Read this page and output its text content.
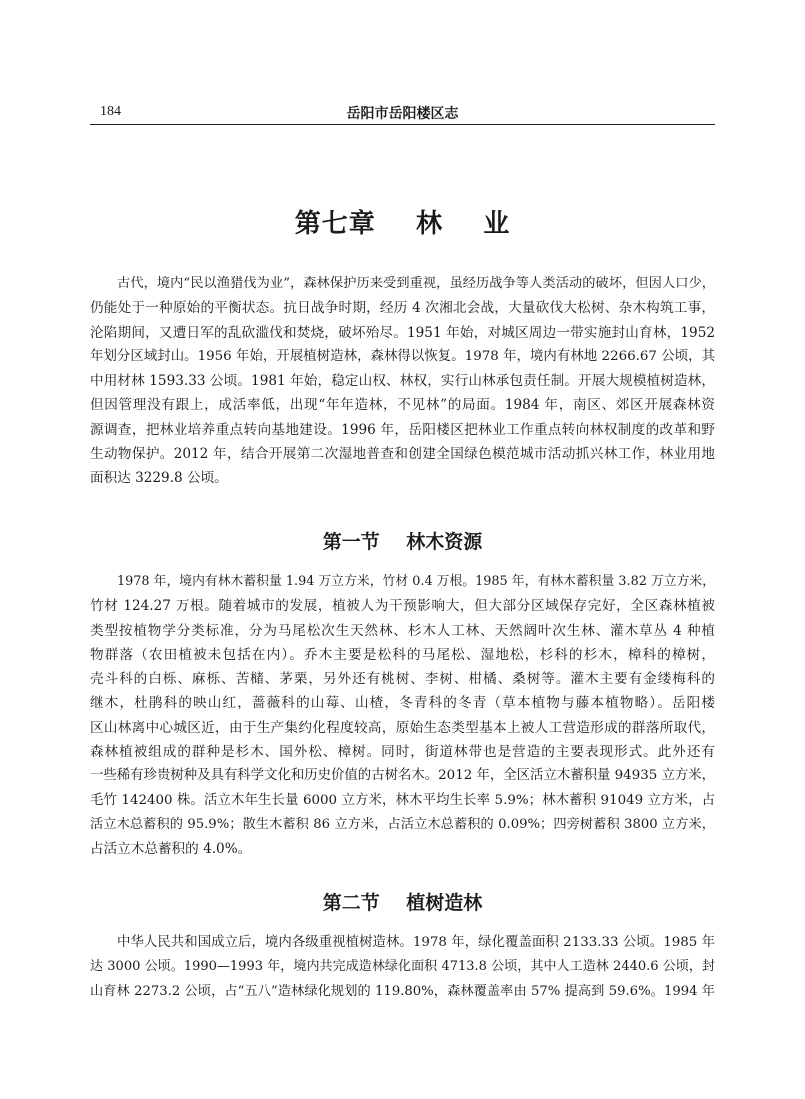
184	岳阳市岳阳楼区志
第七章    林    业
古代，境内“民以渔猎伐为业”，森林保护历来受到重视，虽经历战争等人类活动的破坏，但因人口少，
仍能处于一种原始的平衡状态。抗日战争时期，经历 4 次湘北会战，大量砍伐大松树、杂木构筑工事，
沦陷期间，又遭日军的乱砍滥伐和焚烧，破坏殆尽。1951 年始，对城区周边一带实施封山育林，1952
年划分区域封山。1956 年始，开展植树造林，森林得以恢复。1978 年，境内有林地 2266.67 公顷，其
中用材林 1593.33 公顷。1981 年始，稳定山权、林权，实行山林承包责任制。开展大规模植树造林，
但因管理没有跟上，成活率低，出现“年年造林，不见林”的局面。1984 年，南区、郊区开展森林资
源调查，把林业培养重点转向基地建设。1996 年，岳阳楼区把林业工作重点转向林权制度的改革和野
生动物保护。2012 年，结合开展第二次湿地普查和创建全国绿色模范城市活动抓兴林工作，林业用地
面积达 3229.8 公顷。
第一节    林木资源
1978 年，境内有林木蓄积量 1.94 万立方米，竹材 0.4 万根。1985 年，有林木蓄积量 3.82 万立方米，
竹材 124.27 万根。随着城市的发展，植被人为干预影响大，但大部分区域保存完好，全区森林植被
类型按植物学分类标准，分为马尾松次生天然林、杉木人工林、天然阔叶次生林、灌木草丛 4 种植
物群落（农田植被未包括在内）。乔木主要是松科的马尾松、湿地松，杉科的杉木，樟科的樟树，
壳斗科的白栎、麻栎、苦槠、茅栗，另外还有桃树、李树、柑橘、桑树等。灌木主要有金缕梅科的
继木，杜鹃科的映山红，蔷薇科的山莓、山楂，冬青科的冬青（草本植物与藤本植物略）。岳阳楼
区山林离中心城区近，由于生产集约化程度较高，原始生态类型基本上被人工营造形成的群落所取代，
森林植被组成的群种是杉木、国外松、樟树。同时，街道林带也是营造的主要表现形式。此外还有
一些稀有珍贵树种及具有科学文化和历史价值的古树名木。2012 年，全区活立木蓄积量 94935 立方米，
毛竹 142400 株。活立木年生长量 6000 立方米，林木平均生长率 5.9%；林木蓄积 91049 立方米，占
活立木总蓄积的 95.9%；散生木蓄积 86 立方米，占活立木总蓄积的 0.09%；四旁树蓄积 3800 立方米，
占活立木总蓄积的 4.0%。
第二节    植树造林
中华人民共和国成立后，境内各级重视植树造林。1978 年，绿化覆盖面积 2133.33 公顷。1985 年
达 3000 公顷。1990—1993 年，境内共完成造林绿化面积 4713.8 公顷，其中人工造林 2440.6 公顷，封
山育林 2273.2 公顷，占“五八”造林绿化规划的 119.80%，森林覆盖率由 57% 提高到 59.6%。1994 年
